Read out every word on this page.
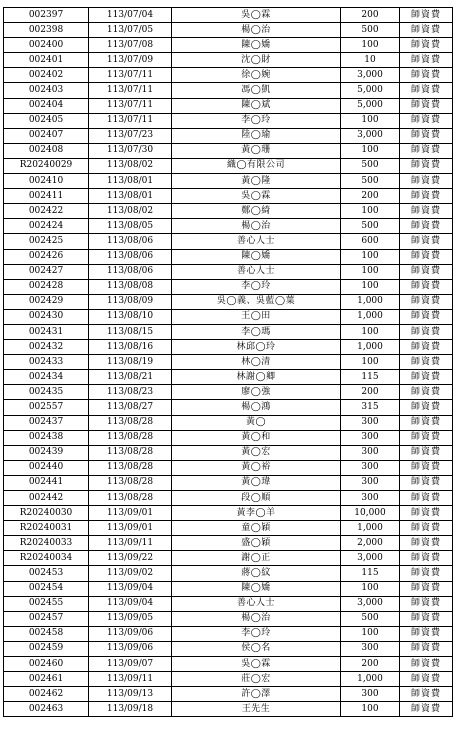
002397	113/07/04	吳◯霖	200	師資費
002398	113/07/05	楊◯治	500	師資費
002400	113/07/08	陳◯嬌	100	師資費
002401	113/07/09	沈◯財	10	師資費
002402	113/07/11	徐◯婉	3,000	師資費
002403	113/07/11	馮◯凱	5,000	師資費
002404	113/07/11	陳◯斌	5,000	師資費
002405	113/07/11	李◯玲	100	師資費
002407	113/07/23	陸◯瑜	3,000	師資費
002408	113/07/30	黃◯珊	100	師資費
R20240029	113/08/02	織◯有限公司	500	師資費
002410	113/08/01	黃◯隆	500	師資費
002411	113/08/01	吳◯霖	200	師資費
002422	113/08/02	鄭◯綺	100	師資費
002424	113/08/05	楊◯治	500	師資費
002425	113/08/06	善心人士	600	師資費
002426	113/08/06	陳◯嬌	100	師資費
002427	113/08/06	善心人士	100	師資費
002428	113/08/08	李◯玲	100	師資費
002429	113/08/09	吳◯義、吳藍◯葉	1,000	師資費
002430	113/08/10	王◯田	1,000	師資費
002431	113/08/15	李◯瑪	100	師資費
002432	113/08/16	林邱◯玲	1,000	師資費
002433	113/08/19	林◯清	100	師資費
002434	113/08/21	林謝◯卿	115	師資費
002435	113/08/23	廖◯強	200	師資費
002557	113/08/27	楊◯鴻	315	師資費
002437	113/08/28	黃◯	300	師資費
002438	113/08/28	黃◯和	300	師資費
002439	113/08/28	黃◯宏	300	師資費
002440	113/08/28	黃◯裕	300	師資費
002441	113/08/28	黃◯瑋	300	師資費
002442	113/08/28	段◯順	300	師資費
R20240030	113/09/01	黃李◯羊	10,000	師資費
R20240031	113/09/01	童◯穎	1,000	師資費
R20240033	113/09/11	盛◯穎	2,000	師資費
R20240034	113/09/22	謝◯正	3,000	師資費
002453	113/09/02	蔣◯紋	115	師資費
002454	113/09/04	陳◯嬌	100	師資費
002455	113/09/04	善心人士	3,000	師資費
002457	113/09/05	楊◯治	500	師資費
002458	113/09/06	李◯玲	100	師資費
002459	113/09/06	侯◯名	300	師資費
002460	113/09/07	吳◯霖	200	師資費
002461	113/09/11	莊◯宏	1,000	師資費
002462	113/09/13	許◯澤	300	師資費
002463	113/09/18	王先生	100	師資費
